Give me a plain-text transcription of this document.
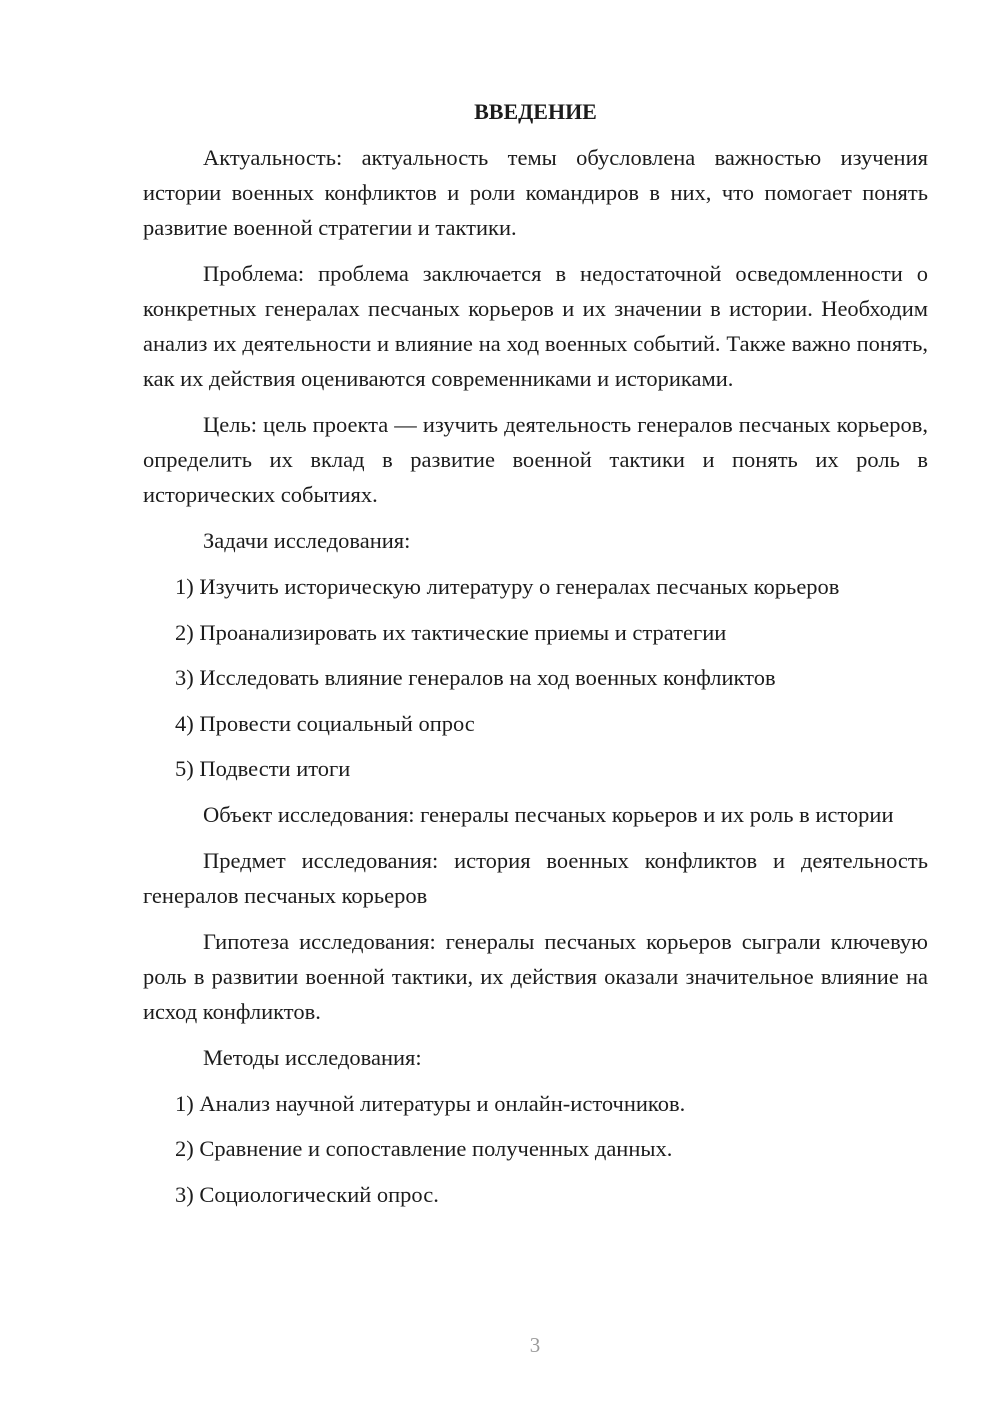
ВВЕДЕНИЕ

Актуальность: актуальность темы обусловлена важностью изучения истории военных конфликтов и роли командиров в них, что помогает понять развитие военной стратегии и тактики.

Проблема: проблема заключается в недостаточной осведомленности о конкретных генералах песчаных корьеров и их значении в истории. Необходим анализ их деятельности и влияние на ход военных событий. Также важно понять, как их действия оцениваются современниками и историками.

Цель: цель проекта — изучить деятельность генералов песчаных корьеров, определить их вклад в развитие военной тактики и понять их роль в исторических событиях.

Задачи исследования:

1) Изучить историческую литературу о генералах песчаных корьеров
2) Проанализировать их тактические приемы и стратегии
3) Исследовать влияние генералов на ход военных конфликтов
4) Провести социальный опрос
5) Подвести итоги

Объект исследования: генералы песчаных корьеров и их роль в истории

Предмет исследования: история военных конфликтов и деятельность генералов песчаных корьеров

Гипотеза исследования: генералы песчаных корьеров сыграли ключевую роль в развитии военной тактики, их действия оказали значительное влияние на исход конфликтов.

Методы исследования:

1) Анализ научной литературы и онлайн-источников.
2) Сравнение и сопоставление полученных данных.
3) Социологический опрос.
3
